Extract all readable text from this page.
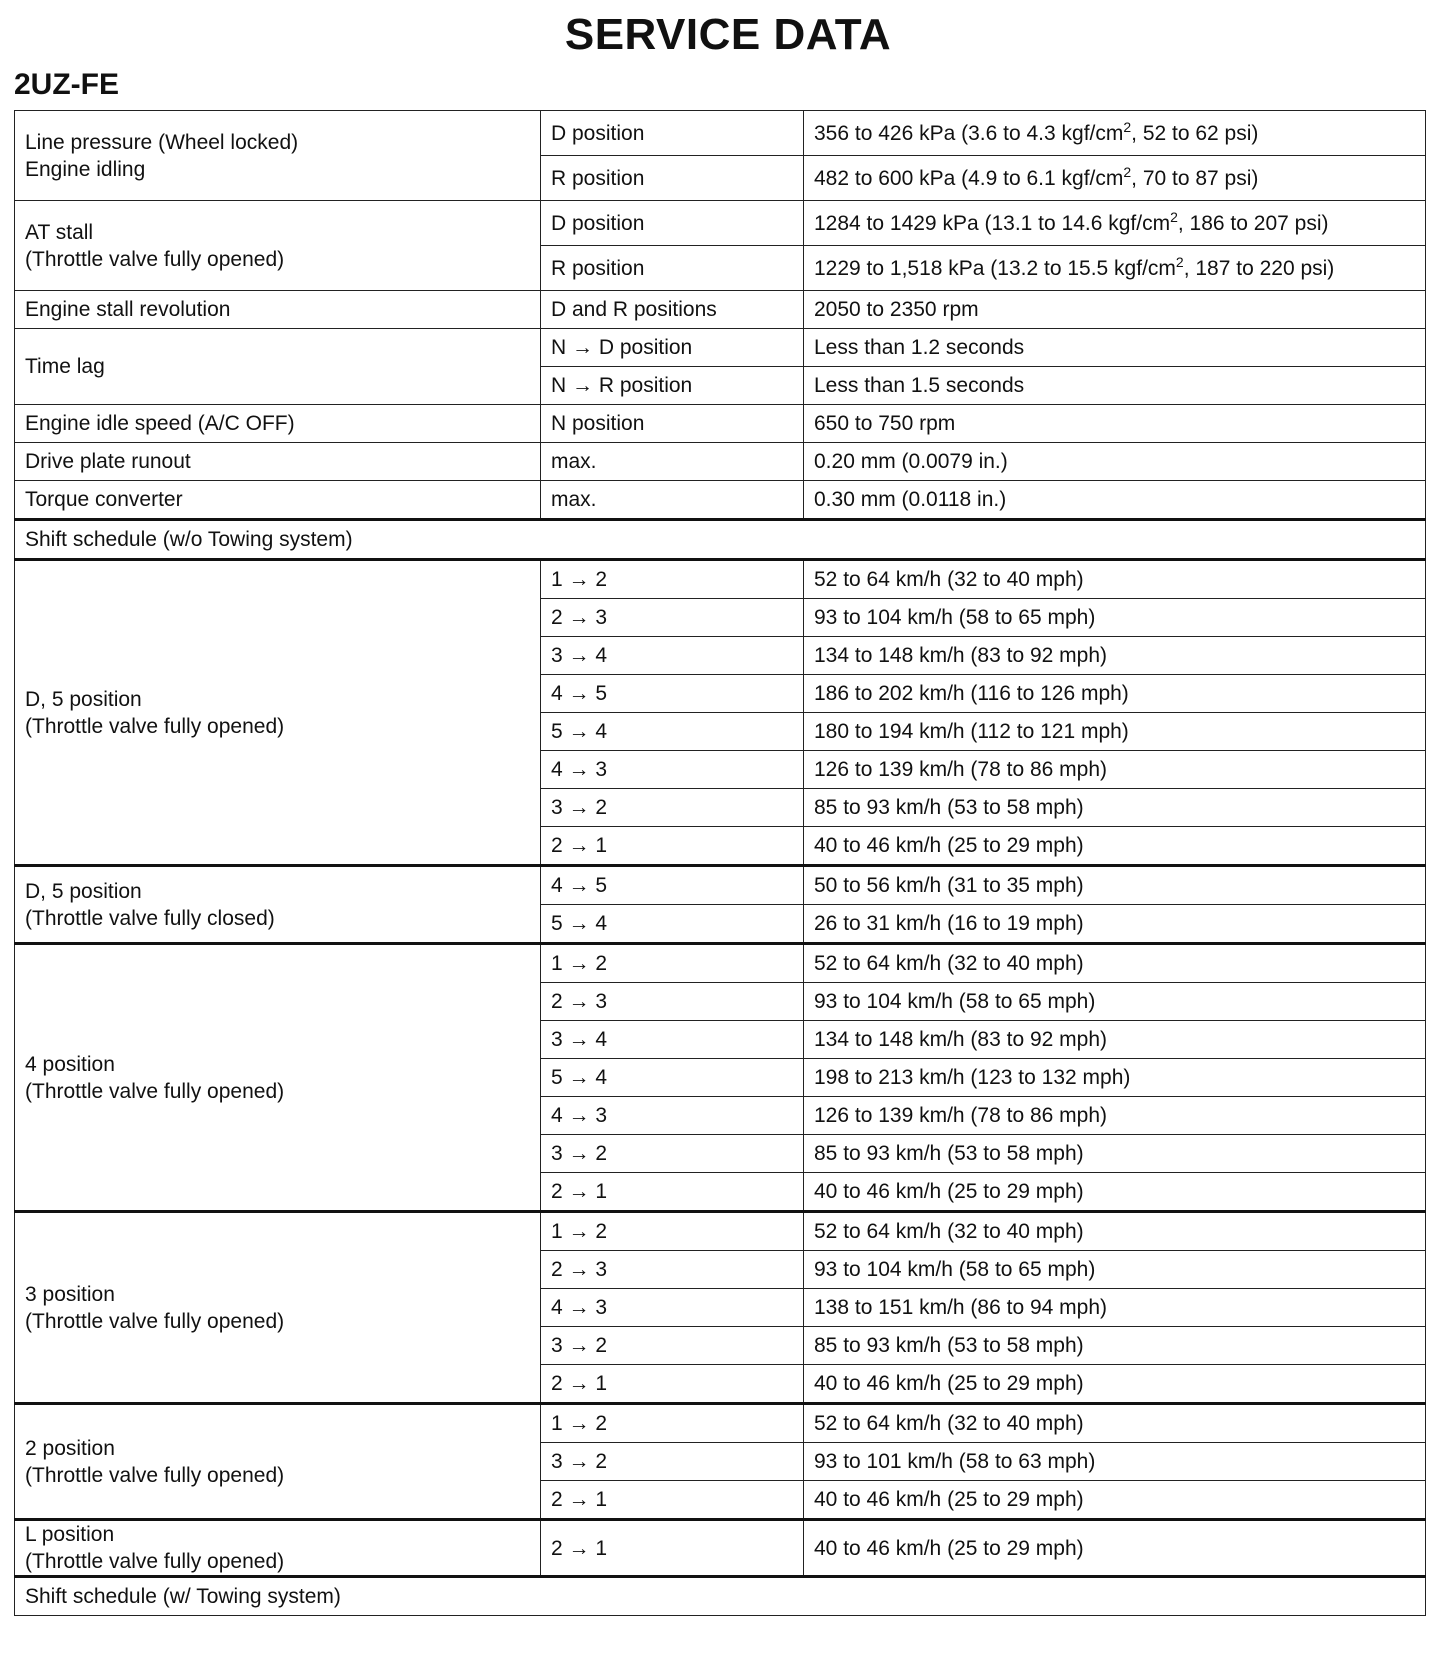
SERVICE DATA
2UZ-FE
Line pressure (Wheel locked)
Engine idling	D position	356 to 426 kPa (3.6 to 4.3 kgf/$cm^2$, 52 to 62 psi)
	R position	482 to 600 kPa (4.9 to 6.1 kgf/$cm^2$, 70 to 87 psi)
AT stall
(Throttle valve fully opened)	D position	1284 to 1429 kPa (13.1 to 14.6 kgf/$cm^2$, 186 to 207 psi)
	R position	1229 to 1,518 kPa (13.2 to 15.5 kgf/$cm^2$, 187 to 220 psi)
Engine stall revolution	D and R positions	2050 to 2350 rpm
Time lag	N → D position	Less than 1.2 seconds
	N → R position	Less than 1.5 seconds
Engine idle speed (A/C OFF)	N position	650 to 750 rpm
Drive plate runout	max.	0.20 mm (0.0079 in.)
Torque converter	max.	0.30 mm (0.0118 in.)
Shift schedule (w/o Towing system)		
D, 5 position
(Throttle valve fully opened)	1 → 2	52 to 64 km/h (32 to 40 mph)
	2 → 3	93 to 104 km/h (58 to 65 mph)
	3 → 4	134 to 148 km/h (83 to 92 mph)
	4 → 5	186 to 202 km/h (116 to 126 mph)
	5 → 4	180 to 194 km/h (112 to 121 mph)
	4 → 3	126 to 139 km/h (78 to 86 mph)
	3 → 2	85 to 93 km/h (53 to 58 mph)
	2 → 1	40 to 46 km/h (25 to 29 mph)
D, 5 position
(Throttle valve fully closed)	4 → 5	50 to 56 km/h (31 to 35 mph)
	5 → 4	26 to 31 km/h (16 to 19 mph)
4 position
(Throttle valve fully opened)	1 → 2	52 to 64 km/h (32 to 40 mph)
	2 → 3	93 to 104 km/h (58 to 65 mph)
	3 → 4	134 to 148 km/h (83 to 92 mph)
	5 → 4	198 to 213 km/h (123 to 132 mph)
	4 → 3	126 to 139 km/h (78 to 86 mph)
	3 → 2	85 to 93 km/h (53 to 58 mph)
	2 → 1	40 to 46 km/h (25 to 29 mph)
3 position
(Throttle valve fully opened)	1 → 2	52 to 64 km/h (32 to 40 mph)
	2 → 3	93 to 104 km/h (58 to 65 mph)
	4 → 3	138 to 151 km/h (86 to 94 mph)
	3 → 2	85 to 93 km/h (53 to 58 mph)
	2 → 1	40 to 46 km/h (25 to 29 mph)
2 position
(Throttle valve fully opened)	1 → 2	52 to 64 km/h (32 to 40 mph)
	3 → 2	93 to 101 km/h (58 to 63 mph)
	2 → 1	40 to 46 km/h (25 to 29 mph)
L position
(Throttle valve fully opened)	2 → 1	40 to 46 km/h (25 to 29 mph)
Shift schedule (w/ Towing system)		
